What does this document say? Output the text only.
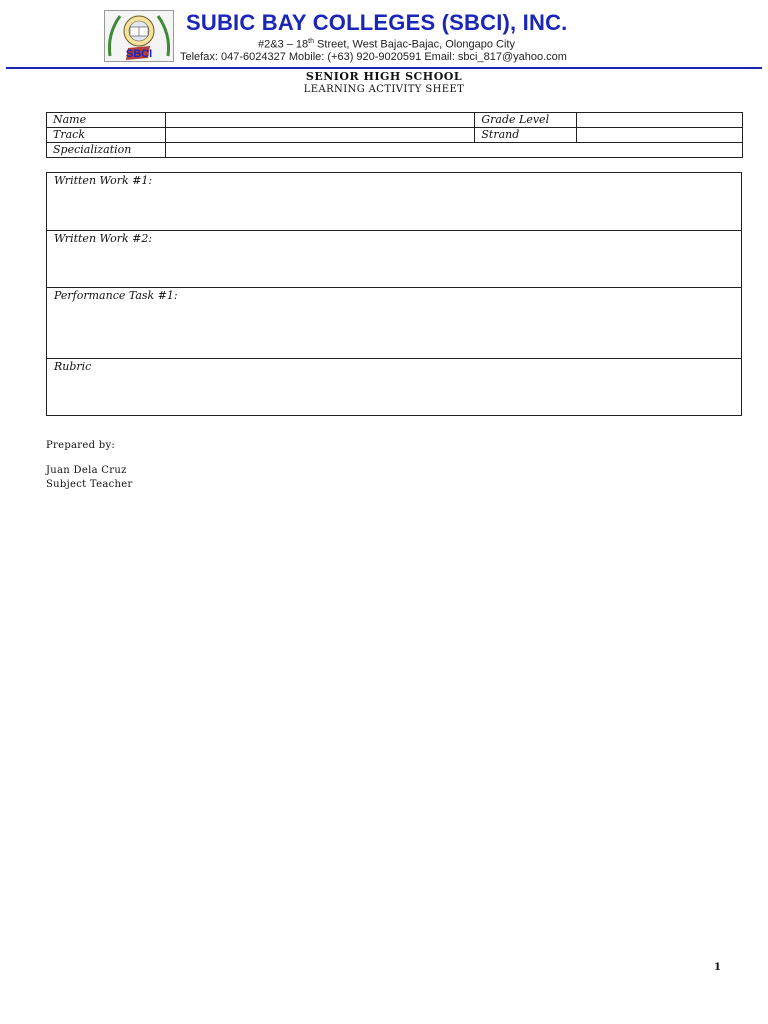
SBCI
SUBIC BAY COLLEGES (SBCI), INC.
#2&3 – 18th Street, West Bajac-Bajac, Olongapo City
Telefax: 047-6024327 Mobile: (+63) 920-9020591 Email: sbci_817@yahoo.com
SENIOR HIGH SCHOOL
LEARNING ACTIVITY SHEET
Name		Grade Level	
Track		Strand	
Specialization			
Written Work #1:
Written Work #2:
Performance Task #1:
Rubric
Prepared by:
Juan Dela Cruz
Subject Teacher
1
